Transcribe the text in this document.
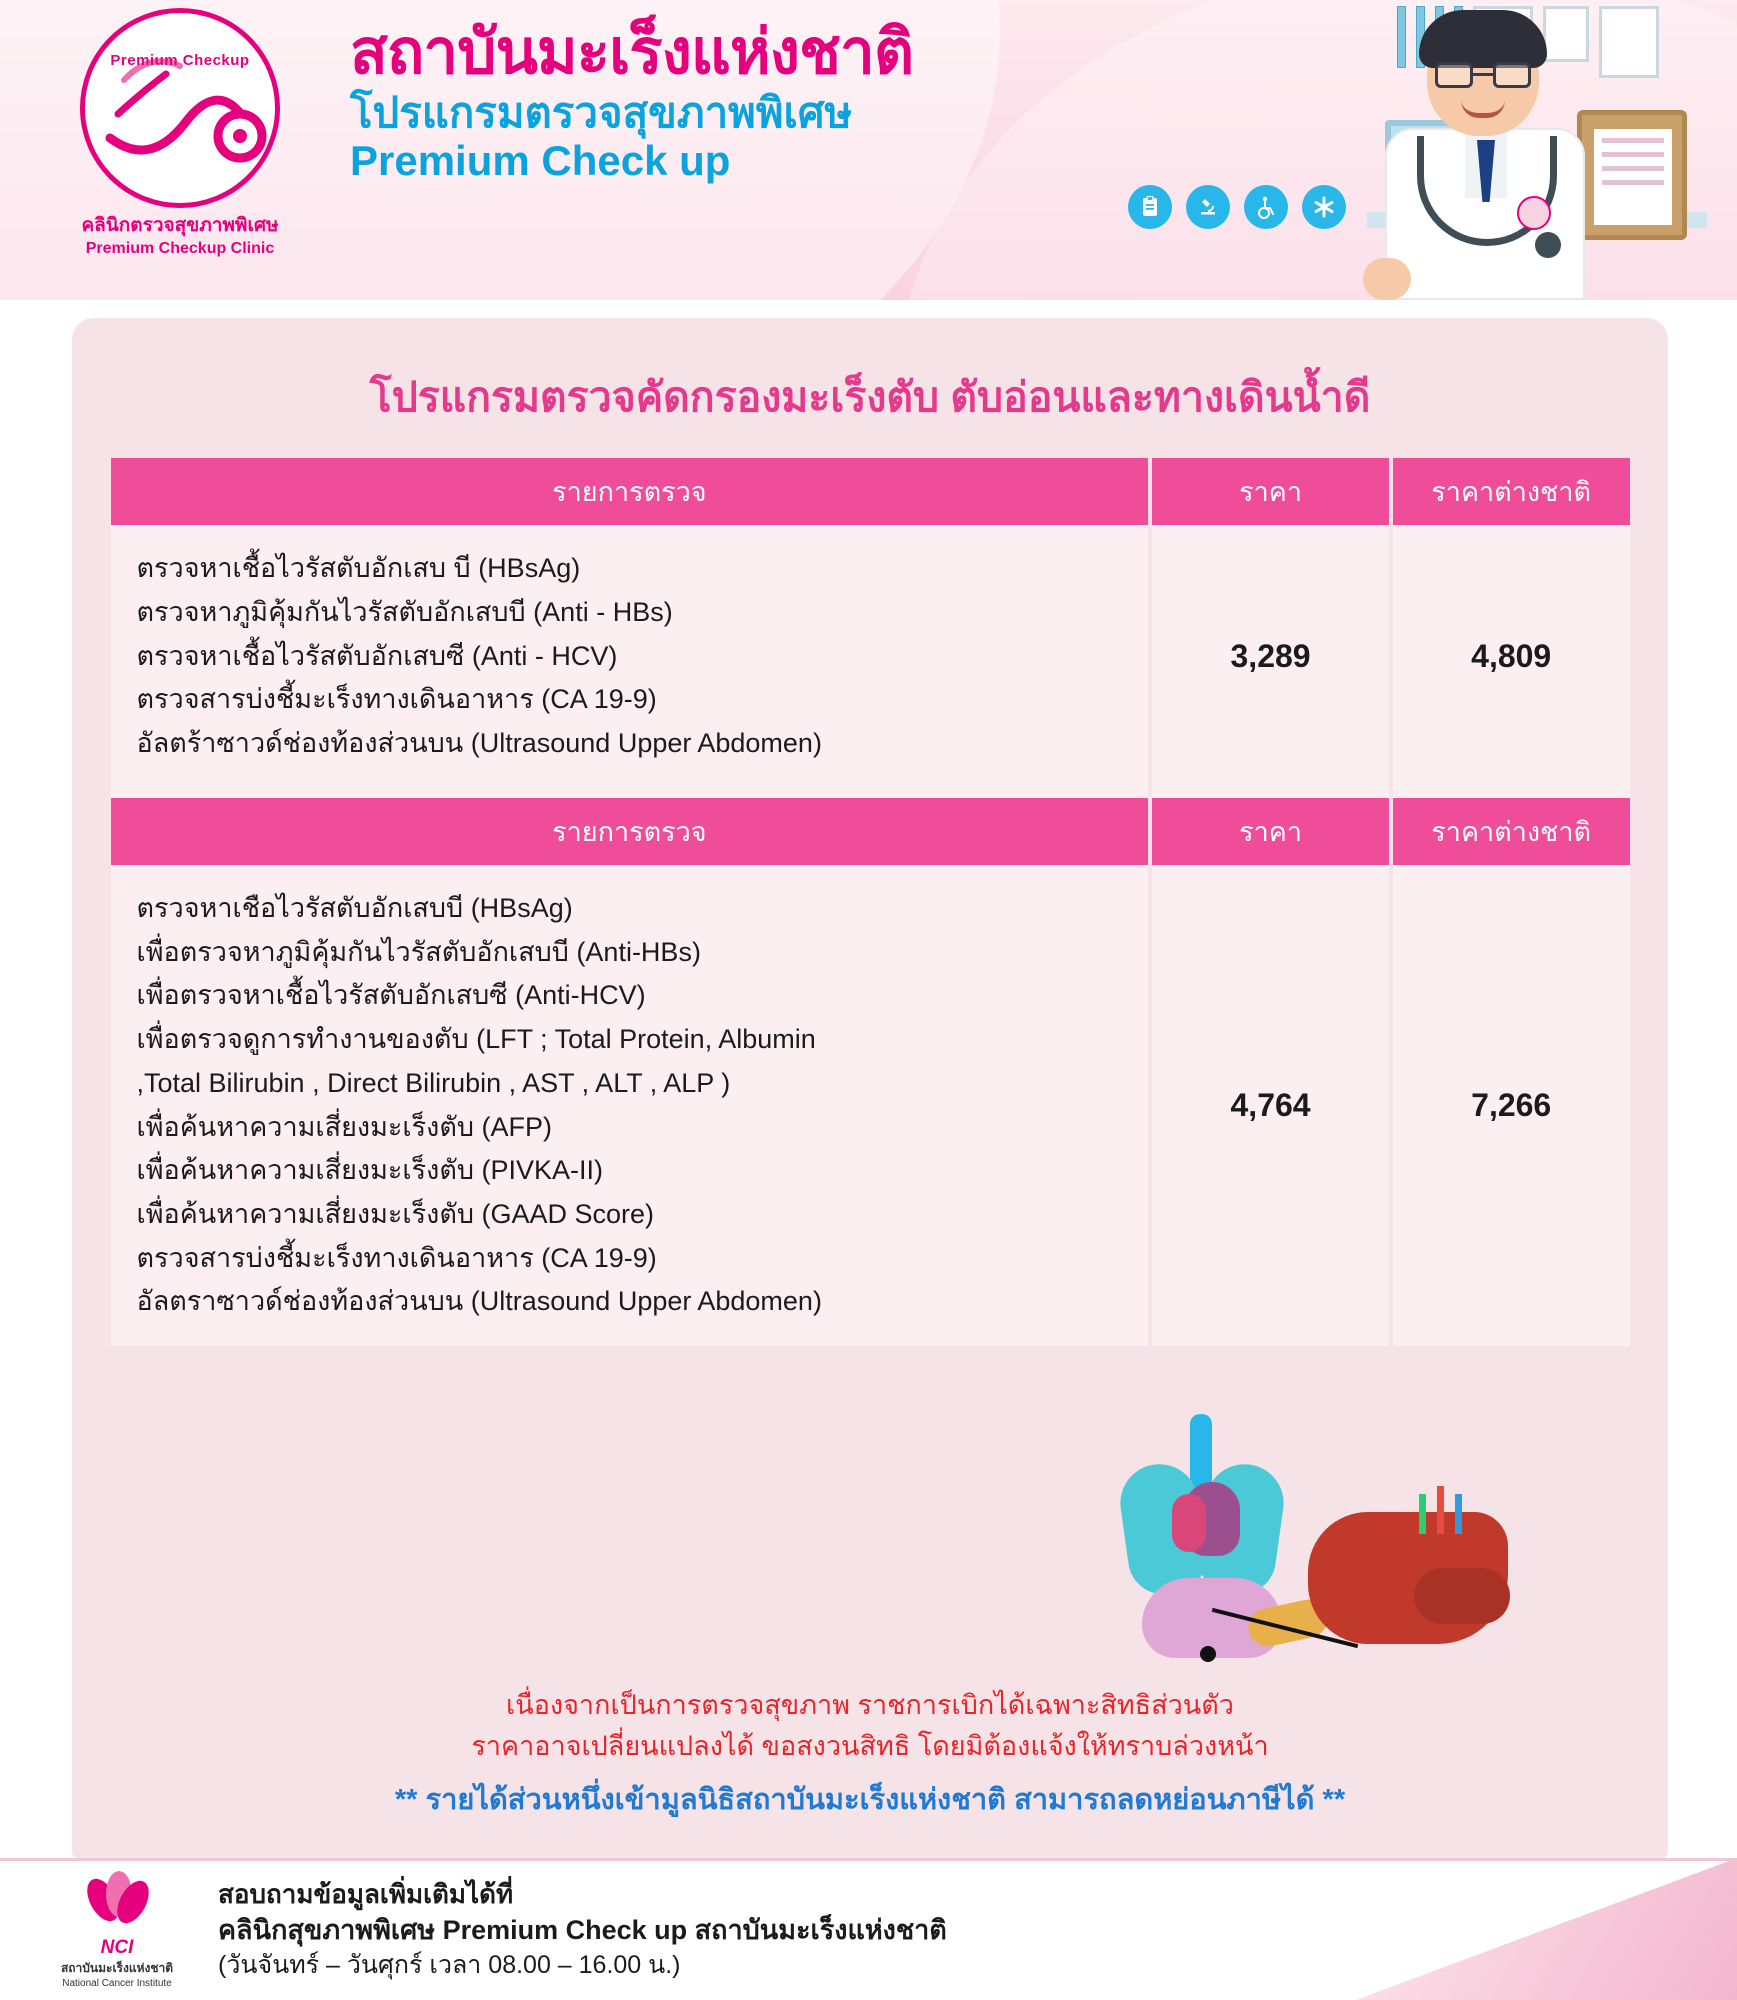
Premium Checkup
คลินิกตรวจสุขภาพพิเศษ
Premium Checkup Clinic
สถาบันมะเร็งแห่งชาติ
โปรแกรมตรวจสุขภาพพิเศษ
Premium Check up
โปรแกรมตรวจคัดกรองมะเร็งตับ ตับอ่อนและทางเดินน้ำดี
รายการตรวจ	ราคา	ราคาต่างชาติ

ตรวจหาเชื้อไวรัสตับอักเสบ บี (HBsAg)
ตรวจหาภูมิคุ้มกันไวรัสตับอักเสบบี (Anti - HBs)
ตรวจหาเชื้อไวรัสตับอักเสบซี (Anti - HCV)
ตรวจสารบ่งชี้มะเร็งทางเดินอาหาร (CA 19-9)
อัลตร้าซาวด์ช่องท้องส่วนบน (Ultrasound Upper Abdomen)	3,289	4,809

รายการตรวจ	ราคา	ราคาต่างชาติ

ตรวจหาเชือไวรัสตับอักเสบบี (HBsAg)
เพื่อตรวจหาภูมิคุ้มกันไวรัสตับอักเสบบี (Anti-HBs)
เพื่อตรวจหาเชื้อไวรัสตับอักเสบซี (Anti-HCV)
เพื่อตรวจดูการทำงานของตับ (LFT ; Total Protein, Albumin
,Total Bilirubin , Direct Bilirubin , AST , ALT , ALP )
เพื่อค้นหาความเสี่ยงมะเร็งตับ (AFP)
เพื่อค้นหาความเสี่ยงมะเร็งตับ (PIVKA-II)
เพื่อค้นหาความเสี่ยงมะเร็งตับ (GAAD Score)
ตรวจสารบ่งชี้มะเร็งทางเดินอาหาร (CA 19-9)
อัลตราซาวด์ช่องท้องส่วนบน (Ultrasound Upper Abdomen)
	4,764	7,266
เนื่องจากเป็นการตรวจสุขภาพ ราชการเบิกได้เฉพาะสิทธิส่วนตัว
ราคาอาจเปลี่ยนแปลงได้ ขอสงวนสิทธิ โดยมิต้องแจ้งให้ทราบล่วงหน้า
** รายได้ส่วนหนึ่งเข้ามูลนิธิสถาบันมะเร็งแห่งชาติ สามารถลดหย่อนภาษีได้ **
NCI
สถาบันมะเร็งแห่งชาติ
National Cancer Institute
สอบถามข้อมูลเพิ่มเติมได้ที่
คลินิกสุขภาพพิเศษ Premium Check up สถาบันมะเร็งแห่งชาติ
(วันจันทร์ – วันศุกร์ เวลา 08.00 – 16.00 น.)
